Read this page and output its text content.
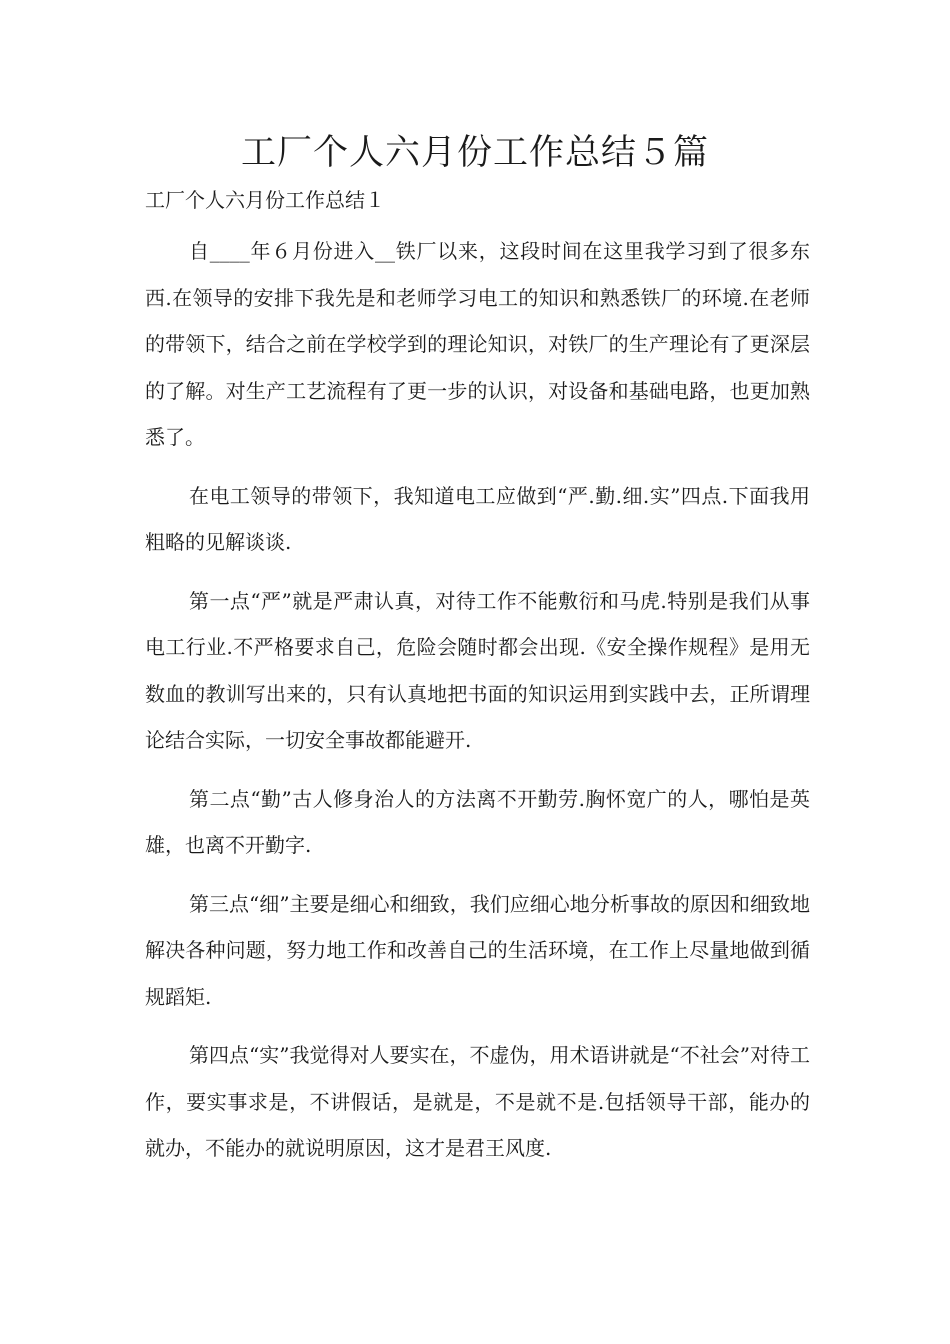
工厂个人六月份工作总结５篇
工厂个人六月份工作总结１

自____年６月份进入__铁厂以来，这段时间在这里我学习到了很多东西.在领导的安排下我先是和老师学习电工的知识和熟悉铁厂的环境.在老师的带领下，结合之前在学校学到的理论知识，对铁厂的生产理论有了更深层的了解。对生产工艺流程有了更一步的认识，对设备和基础电路，也更加熟悉了。

在电工领导的带领下，我知道电工应做到“严.勤.细.实”四点.下面我用粗略的见解谈谈.

第一点“严”就是严肃认真，对待工作不能敷衍和马虎.特别是我们从事电工行业.不严格要求自己，危险会随时都会出现.《安全操作规程》是用无数血的教训写出来的，只有认真地把书面的知识运用到实践中去，正所谓理论结合实际，一切安全事故都能避开.

第二点“勤”古人修身治人的方法离不开勤劳.胸怀宽广的人，哪怕是英雄，也离不开勤字.

第三点“细”主要是细心和细致，我们应细心地分析事故的原因和细致地解决各种问题，努力地工作和改善自己的生活环境，在工作上尽量地做到循规蹈矩.

第四点“实”我觉得对人要实在，不虚伪，用术语讲就是“不社会”对待工作，要实事求是，不讲假话，是就是，不是就不是.包括领导干部，能办的就办，不能办的就说明原因，这才是君王风度.
